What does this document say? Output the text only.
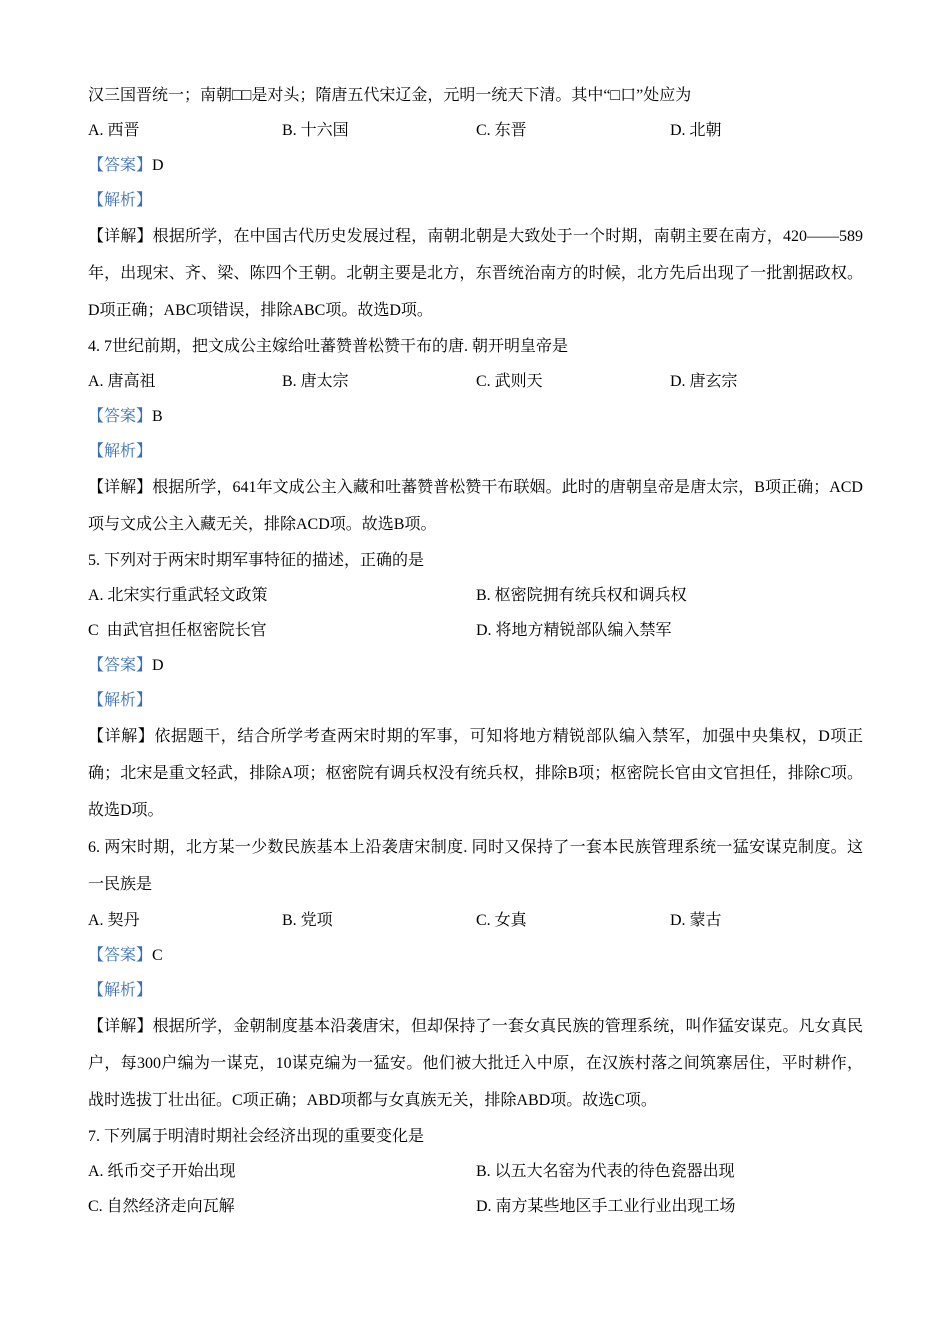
汉三国晋统一；南朝□□是对头；隋唐五代宋辽金，元明一统天下清。其中“□口”处应为
A. 西晋	B. 十六国	C. 东晋	D. 北朝
【答案】D
【解析】
【详解】根据所学，在中国古代历史发展过程，南朝北朝是大致处于一个时期，南朝主要在南方，420——589年，出现宋、齐、梁、陈四个王朝。北朝主要是北方，东晋统治南方的时候，北方先后出现了一批割据政权。D项正确；ABC项错误，排除ABC项。故选D项。
4. 7世纪前期，把文成公主嫁给吐蕃赞普松赞干布的唐. 朝开明皇帝是
A. 唐高祖	B. 唐太宗	C. 武则天	D. 唐玄宗
【答案】B
【解析】
【详解】根据所学，641年文成公主入藏和吐蕃赞普松赞干布联姻。此时的唐朝皇帝是唐太宗，B项正确；ACD项与文成公主入藏无关，排除ACD项。故选B项。
5. 下列对于两宋时期军事特征的描述，正确的是
A. 北宋实行重武轻文政策	B. 枢密院拥有统兵权和调兵权
C  由武官担任枢密院长官	D. 将地方精锐部队编入禁军
【答案】D
【解析】
【详解】依据题干，结合所学考查两宋时期的军事，可知将地方精锐部队编入禁军，加强中央集权，D项正确；北宋是重文轻武，排除A项；枢密院有调兵权没有统兵权，排除B项；枢密院长官由文官担任，排除C项。故选D项。
6. 两宋时期，北方某一少数民族基本上沿袭唐宋制度. 同时又保持了一套本民族管理系统一猛安谋克制度。这一民族是
A. 契丹	B. 党项	C. 女真	D. 蒙古
【答案】C
【解析】
【详解】根据所学，金朝制度基本沿袭唐宋，但却保持了一套女真民族的管理系统，叫作猛安谋克。凡女真民户，每300户编为一谋克，10谋克编为一猛安。他们被大批迁入中原，在汉族村落之间筑寨居住，平时耕作，战时选拔丁壮出征。C项正确；ABD项都与女真族无关，排除ABD项。故选C项。
7. 下列属于明清时期社会经济出现的重要变化是
A. 纸币交子开始出现	B. 以五大名窑为代表的待色瓷器出现
C. 自然经济走向瓦解	D. 南方某些地区手工业行业出现工场
